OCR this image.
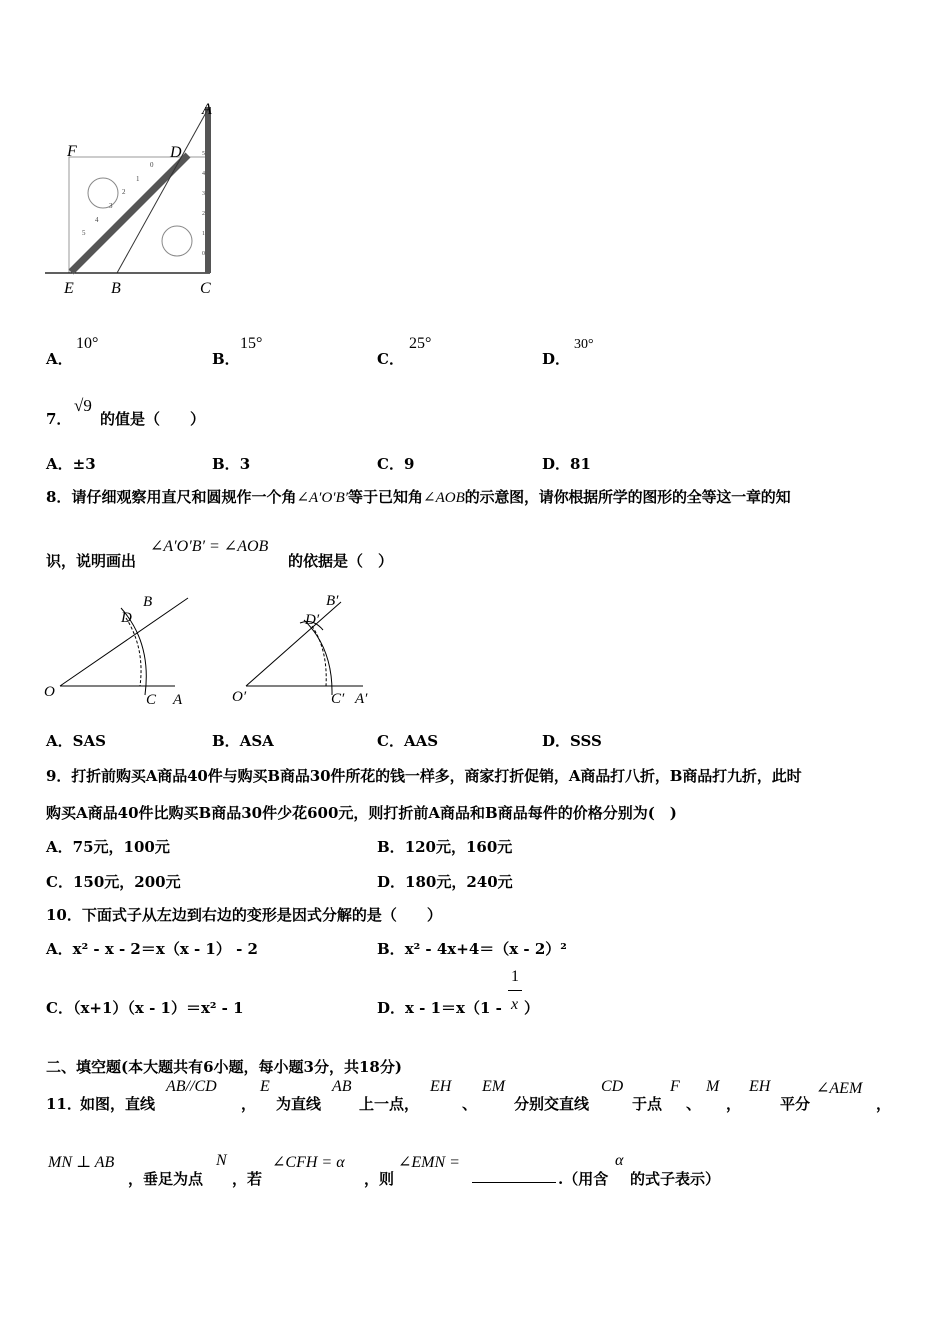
0
1
2
3
4
5
5
4
3
2
1
0
A
F	D
E B	C
A．
10°
B．
15°
C．
25°
D．
30°
7．
√9
的值是（　　）
A．±3	B．3	C．9	D．81
8．请仔细观察用直尺和圆规作一个角∠A′O′B′等于已知角∠AOB的示意图，请你根据所学的图形的全等这一章的知
识，说明画出
∠A′O′B′ = ∠AOB
的依据是（　）
O	C A
B
D
O′	C′ A′
B′
D′
A．SAS	B．ASA	C．AAS	D．SSS
9．打折前购买A商品40件与购买B商品30件所花的钱一样多，商家打折促销，A商品打八折，B商品打九折，此时
购买A商品40件比购买B商品30件少花600元，则打折前A商品和B商品每件的价格分别为(　)
A．75元，100元	B．120元，160元
C．150元，200元	D．180元，240元
10．下面式子从左边到右边的变形是因式分解的是（　　）
A．x² - x - 2＝x（x - 1） - 2	B．x² - 4x+4＝（x - 2）²
C．（x+1）（x - 1）＝x² - 1	D． x - 1＝x（1 -
1
x ）
二、填空题(本大题共有6小题，每小题3分，共18分)
11．
如图，直线
AB//CD
，
E
为直线
AB
上一点，
EH
、
EM
分别交直线
CD
于点
F
、
M
，
EH
平分
∠AEM
，
MN ⊥ AB
，垂足为点
N
，若
∠CFH = α
，则
∠EMN =
.（用含
α
的式子表示）
